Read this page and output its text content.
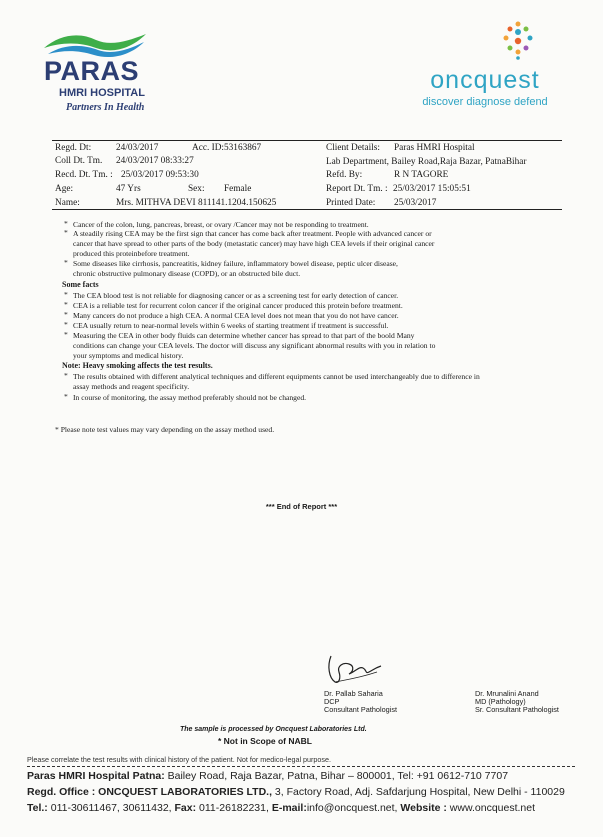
PARAS
HMRI HOSPITAL
Partners In Health
oncquest
discover diagnose defend
Regd. Dt:	24/03/2017	Acc. ID: 53163867
Coll Dt. Tm. 24/03/2017 08:33:27
Recd. Dt. Tm. : 25/03/2017 09:53:30
Age:	47 Yrs	Sex: Female
Name:	Mrs. MITHVA DEVI 811141.1204.150625
Client Details: Paras HMRI Hospital
Lab Department, Bailey Road,Raja Bazar, PatnaBihar
Refd. By:	R N TAGORE
Report Dt. Tm. : 25/03/2017 15:05:51
Printed Date: 25/03/2017
* Cancer of the colon, lung, pancreas, breast, or ovary /Cancer may not be responding to treatment.
* A steadily rising CEA may be the first sign that cancer has come back after treatment. People with advanced cancer or
cancer that have spread to other parts of the body (metastatic cancer) may have high CEA levels if their original cancer
produced this proteinbefore treatment.
* Some diseases like cirrhosis, pancreatitis, kidney failure, inflammatory bowel disease, peptic ulcer disease,
chronic obstructive pulmonary disease (COPD), or an obstructed bile duct.
Some facts
* The CEA blood test is not reliable for diagnosing cancer or as a screening test for early detection of cancer.
* CEA is a reliable test for recurrent colon cancer if the original cancer produced this protein before treatment.
* Many cancers do not produce a high CEA. A normal CEA level does not mean that you do not have cancer.
* CEA usually return to near-normal levels within 6 weeks of starting treatment if treatment is successful.
* Measuring the CEA in other body fluids can determine whether cancer has spread to that part of the boold Many
conditions can change your CEA levels. The doctor will discuss any significant abnormal results with you in relation to
your symptoms and medical history.
Note: Heavy smoking affects the test results.
* The results obtained with different analytical techniques and different equipments cannot be used interchangeably due to difference in
assay methods and reagent specificity.
* In course of monitoring, the assay method preferably should not be changed.
* Please note test values may vary depending on the assay method used.
*** End of Report ***
Dr. Pallab Saharia
DCP
Consultant Pathologist
Dr. Mrunalini Anand
MD (Pathology)
Sr. Consultant Pathologist
The sample is processed by Oncquest Laboratories Ltd.
* Not in Scope of NABL
Please correlate the test results with clinical history of the patient. Not for medico-legal purpose.
Paras HMRI Hospital Patna: Bailey Road, Raja Bazar, Patna, Bihar – 800001, Tel: +91 0612-710 7707
Regd. Office : ONCQUEST LABORATORIES LTD., 3, Factory Road, Adj. Safdarjung Hospital, New Delhi - 110029
Tel.: 011-30611467, 30611432, Fax: 011-26182231, E-mail:info@oncquest.net, Website : www.oncquest.net
